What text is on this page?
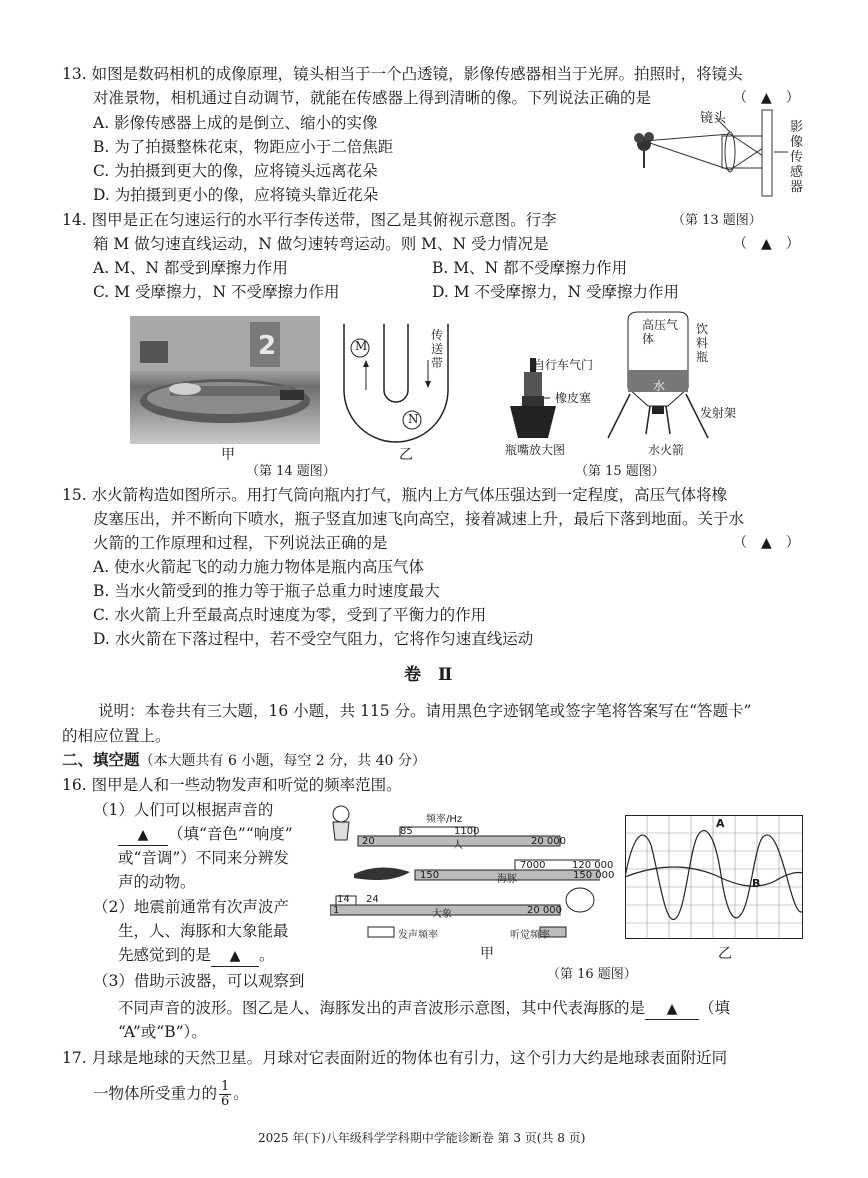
13. 如图是数码相机的成像原理，镜头相当于一个凸透镜，影像传感器相当于光屏。拍照时，将镜头
对准景物，相机通过自动调节，就能在传感器上得到清晰的像。下列说法正确的是	（　▲　）
A. 影像传感器上成的是倒立、缩小的实像
B. 为了拍摄整株花束，物距应小于二倍焦距
C. 为拍摄到更大的像，应将镜头远离花朵
D. 为拍摄到更小的像，应将镜头靠近花朵
镜头
影像传感器
（第 13 题图）
14. 图甲是正在匀速运行的水平行李传送带，图乙是其俯视示意图。行李
箱 M 做匀速直线运动，N 做匀速转弯运动。则 M、N 受力情况是	（　▲　）
A. M、N 都受到摩擦力作用	B. M、N 都不受摩擦力作用
C. M 受摩擦力，N 不受摩擦力作用	D. M 不受摩擦力，N 受摩擦力作用
2
甲
M
N
传送带
乙
（第 14 题图）
自行车气门
橡皮塞
瓶嘴放大图
高压气体
饮料瓶
水
发射架
水火箭
（第 15 题图）
15. 水火箭构造如图所示。用打气筒向瓶内打气，瓶内上方气体压强达到一定程度，高压气体将橡
皮塞压出，并不断向下喷水，瓶子竖直加速飞向高空，接着减速上升，最后下落到地面。关于水
火箭的工作原理和过程，下列说法正确的是	（　▲　）
A. 使水火箭起飞的动力施力物体是瓶内高压气体
B. 当水火箭受到的推力等于瓶子总重力时速度最大
C. 水火箭上升至最高点时速度为零，受到了平衡力的作用
D. 水火箭在下落过程中，若不受空气阻力，它将作匀速直线运动
卷　Ⅱ
说明：本卷共有三大题，16 小题，共 115 分。请用黑色字迹钢笔或签字笔将答案写在“答题卡”
的相应位置上。
二、填空题（本大题共有 6 小题，每空 2 分，共 40 分）
16. 图甲是人和一些动物发声和听觉的频率范围。
（1）人们可以根据声音的
▲ （填“音色”“响度”
或“音调”）不同来分辨发
声的动物。
（2）地震前通常有次声波产
生，人、海豚和大象能最
先感觉到的是 ▲ 。
（3）借助示波器，可以观察到
不同声音的波形。图乙是人、海豚发出的声音波形示意图，其中代表海豚的是 ▲ （填
“A”或“B”）。
频率/Hz
85	1100
20	人	20 000
7000	120 000
150	海豚	150 000
14 24
1	大象	20 000
发声频率	听觉频率
甲
A
B
乙
（第 16 题图）
17. 月球是地球的天然卫星。月球对它表面附近的物体也有引力，这个引力大约是地球表面附近同
一物体所受重力的 $\frac{1}{6}$ 。
2025 年(下)八年级科学学科期中学能诊断卷 第 3 页(共 8 页)
